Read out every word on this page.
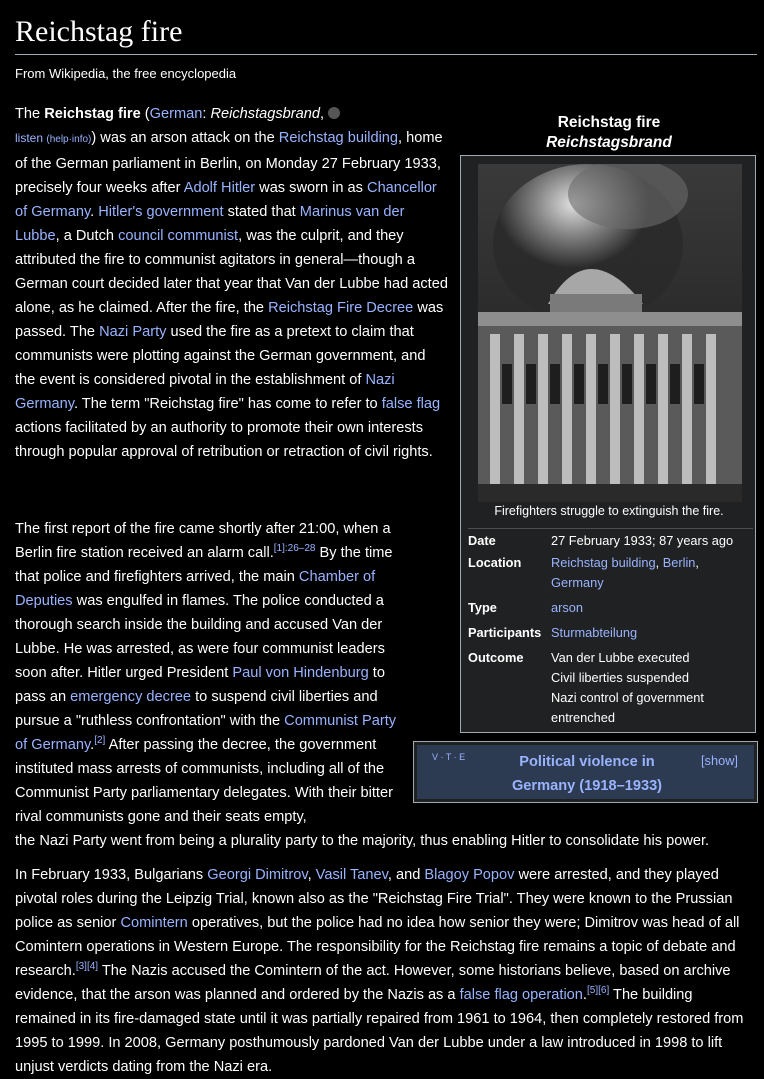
Reichstag fire
From Wikipedia, the free encyclopedia

The Reichstag fire (German: Reichstagsbrand,
listen (help·info)) was an arson attack on the Reichstag building, home of the German parliament in Berlin, on Monday 27 February 1933, precisely four weeks after Adolf Hitler was sworn in as Chancellor of Germany. Hitler's government stated that Marinus van der Lubbe, a Dutch council communist, was the culprit, and they attributed the fire to communist agitators in general—though a German court decided later that year that Van der Lubbe had acted alone, as he claimed. After the fire, the Reichstag Fire Decree was passed. The Nazi Party used the fire as a pretext to claim that communists were plotting against the German government, and the event is considered pivotal in the establishment of Nazi Germany. The term "Reichstag fire" has come to refer to false flag actions facilitated by an authority to promote their own interests through popular approval of retribution or retraction of civil rights.

The first report of the fire came shortly after 21:00, when a Berlin fire station received an alarm call.$^{[1]:26-28}$ By the time that police and firefighters arrived, the main Chamber of Deputies was engulfed in flames. The police conducted a thorough search inside the building and accused Van der Lubbe. He was arrested, as were four communist leaders soon after. Hitler urged President Paul von Hindenburg to pass an emergency decree to suspend civil liberties and pursue a "ruthless confrontation" with the Communist Party of Germany.[2] After passing the decree, the government instituted mass arrests of communists, including all of the Communist Party parliamentary delegates. With their bitter rival communists gone and their seats empty,

the Nazi Party went from being a plurality party to the majority, thus enabling Hitler to consolidate his power.

In February 1933, Bulgarians Georgi Dimitrov, Vasil Tanev, and Blagoy Popov were arrested, and they played pivotal roles during the Leipzig Trial, known also as the "Reichstag Fire Trial". They were known to the Prussian police as senior Comintern operatives, but the police had no idea how senior they were; Dimitrov was head of all Comintern operations in Western Europe. The responsibility for the Reichstag fire remains a topic of debate and research.[3][4] The Nazis accused the Comintern of the act. However, some historians believe, based on archive evidence, that the arson was planned and ordered by the Nazis as a false flag operation.[5][6] The building remained in its fire-damaged state until it was partially repaired from 1961 to 1964, then completely restored from 1995 to 1999. In 2008, Germany posthumously pardoned Van der Lubbe under a law introduced in 1998 to lift unjust verdicts dating from the Nazi era.

Reichstag fire
Reichstagsbrand
Firefighters struggle to extinguish the fire.
Date	27 February 1933; 87 years ago
Location Reichstag building, Berlin,
Germany
Type	arson
Participants Sturmabteilung
Outcome Van der Lubbe executed
Civil liberties suspended
Nazi control of government entrenched
V · T · E	Political violence in Germany (1918–1933)
[show]
